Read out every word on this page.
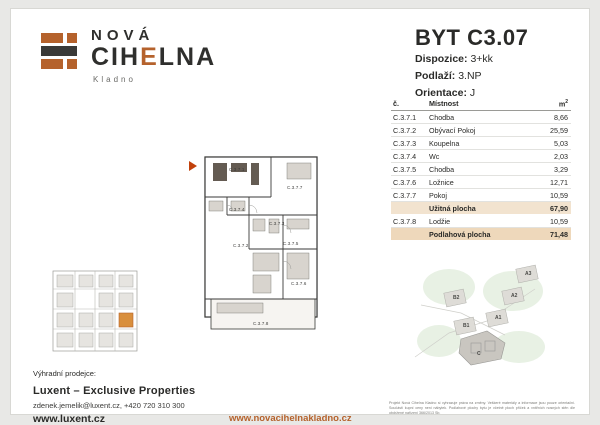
NOVÁ
CIHELNA
Kladno
BYT C3.07
Dispozice: 3+kk
Podlaží: 3.NP
Orientace: J
č.	Místnost	$m^2$
C.3.7.1	Chodba	8,66
C.3.7.2	Obývací Pokoj	25,59
C.3.7.3	Koupelna	5,03
C.3.7.4	Wc	2,03
C.3.7.5	Chodba	3,29
C.3.7.6	Ložnice	12,71
C.3.7.7	Pokoj	10,59
Užitná plocha	67,90
C.3.7.8	Lodžie	10,59
Podlahová plocha	71,48
C.3.7.1
C.3.7.7
C.3.7.4
C.3.7.3
C.3.7.2	C.3.7.5
C.3.7.6
C.3.7.8
A3
A2
A1
B2
B1
C
Výhradní prodejce:
Luxent – Exclusive Properties
zdenek.jemelik@luxent.cz, +420 720 310 300
www.luxent.cz	www.novacihelnakladno.cz
Projekt Nová Cihelna Kladno si vyhrazuje práva na změny. Veškeré materiály a informace jsou pouze orientační. Součástí kupní ceny není nábytek. Podlahové plochy bytu je včetně ploch příček a vnitřních nosných stěn dle obdržené nařízení 366/2013 Sb.
